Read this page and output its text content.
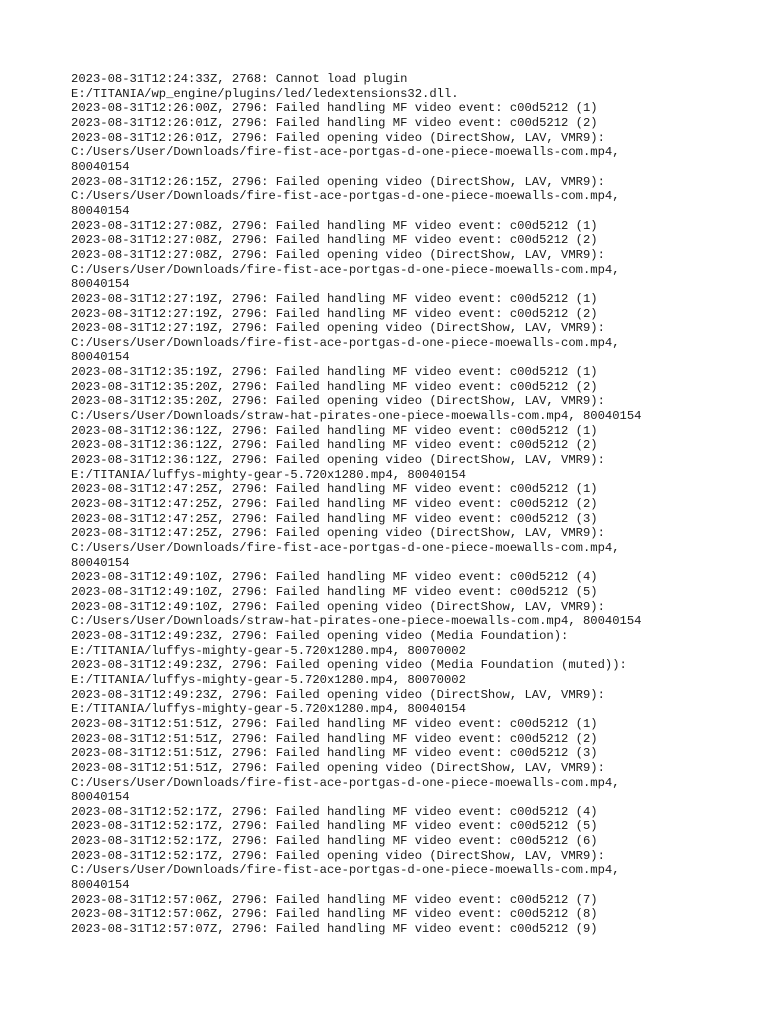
2023-08-31T12:24:33Z, 2768: Cannot load plugin
E:/TITANIA/wp_engine/plugins/led/ledextensions32.dll.
2023-08-31T12:26:00Z, 2796: Failed handling MF video event: c00d5212 (1)
2023-08-31T12:26:01Z, 2796: Failed handling MF video event: c00d5212 (2)
2023-08-31T12:26:01Z, 2796: Failed opening video (DirectShow, LAV, VMR9):
C:/Users/User/Downloads/fire-fist-ace-portgas-d-one-piece-moewalls-com.mp4,
80040154
2023-08-31T12:26:15Z, 2796: Failed opening video (DirectShow, LAV, VMR9):
C:/Users/User/Downloads/fire-fist-ace-portgas-d-one-piece-moewalls-com.mp4,
80040154
2023-08-31T12:27:08Z, 2796: Failed handling MF video event: c00d5212 (1)
2023-08-31T12:27:08Z, 2796: Failed handling MF video event: c00d5212 (2)
2023-08-31T12:27:08Z, 2796: Failed opening video (DirectShow, LAV, VMR9):
C:/Users/User/Downloads/fire-fist-ace-portgas-d-one-piece-moewalls-com.mp4,
80040154
2023-08-31T12:27:19Z, 2796: Failed handling MF video event: c00d5212 (1)
2023-08-31T12:27:19Z, 2796: Failed handling MF video event: c00d5212 (2)
2023-08-31T12:27:19Z, 2796: Failed opening video (DirectShow, LAV, VMR9):
C:/Users/User/Downloads/fire-fist-ace-portgas-d-one-piece-moewalls-com.mp4,
80040154
2023-08-31T12:35:19Z, 2796: Failed handling MF video event: c00d5212 (1)
2023-08-31T12:35:20Z, 2796: Failed handling MF video event: c00d5212 (2)
2023-08-31T12:35:20Z, 2796: Failed opening video (DirectShow, LAV, VMR9):
C:/Users/User/Downloads/straw-hat-pirates-one-piece-moewalls-com.mp4, 80040154
2023-08-31T12:36:12Z, 2796: Failed handling MF video event: c00d5212 (1)
2023-08-31T12:36:12Z, 2796: Failed handling MF video event: c00d5212 (2)
2023-08-31T12:36:12Z, 2796: Failed opening video (DirectShow, LAV, VMR9):
E:/TITANIA/luffys-mighty-gear-5.720x1280.mp4, 80040154
2023-08-31T12:47:25Z, 2796: Failed handling MF video event: c00d5212 (1)
2023-08-31T12:47:25Z, 2796: Failed handling MF video event: c00d5212 (2)
2023-08-31T12:47:25Z, 2796: Failed handling MF video event: c00d5212 (3)
2023-08-31T12:47:25Z, 2796: Failed opening video (DirectShow, LAV, VMR9):
C:/Users/User/Downloads/fire-fist-ace-portgas-d-one-piece-moewalls-com.mp4,
80040154
2023-08-31T12:49:10Z, 2796: Failed handling MF video event: c00d5212 (4)
2023-08-31T12:49:10Z, 2796: Failed handling MF video event: c00d5212 (5)
2023-08-31T12:49:10Z, 2796: Failed opening video (DirectShow, LAV, VMR9):
C:/Users/User/Downloads/straw-hat-pirates-one-piece-moewalls-com.mp4, 80040154
2023-08-31T12:49:23Z, 2796: Failed opening video (Media Foundation):
E:/TITANIA/luffys-mighty-gear-5.720x1280.mp4, 80070002
2023-08-31T12:49:23Z, 2796: Failed opening video (Media Foundation (muted)):
E:/TITANIA/luffys-mighty-gear-5.720x1280.mp4, 80070002
2023-08-31T12:49:23Z, 2796: Failed opening video (DirectShow, LAV, VMR9):
E:/TITANIA/luffys-mighty-gear-5.720x1280.mp4, 80040154
2023-08-31T12:51:51Z, 2796: Failed handling MF video event: c00d5212 (1)
2023-08-31T12:51:51Z, 2796: Failed handling MF video event: c00d5212 (2)
2023-08-31T12:51:51Z, 2796: Failed handling MF video event: c00d5212 (3)
2023-08-31T12:51:51Z, 2796: Failed opening video (DirectShow, LAV, VMR9):
C:/Users/User/Downloads/fire-fist-ace-portgas-d-one-piece-moewalls-com.mp4,
80040154
2023-08-31T12:52:17Z, 2796: Failed handling MF video event: c00d5212 (4)
2023-08-31T12:52:17Z, 2796: Failed handling MF video event: c00d5212 (5)
2023-08-31T12:52:17Z, 2796: Failed handling MF video event: c00d5212 (6)
2023-08-31T12:52:17Z, 2796: Failed opening video (DirectShow, LAV, VMR9):
C:/Users/User/Downloads/fire-fist-ace-portgas-d-one-piece-moewalls-com.mp4,
80040154
2023-08-31T12:57:06Z, 2796: Failed handling MF video event: c00d5212 (7)
2023-08-31T12:57:06Z, 2796: Failed handling MF video event: c00d5212 (8)
2023-08-31T12:57:07Z, 2796: Failed handling MF video event: c00d5212 (9)
